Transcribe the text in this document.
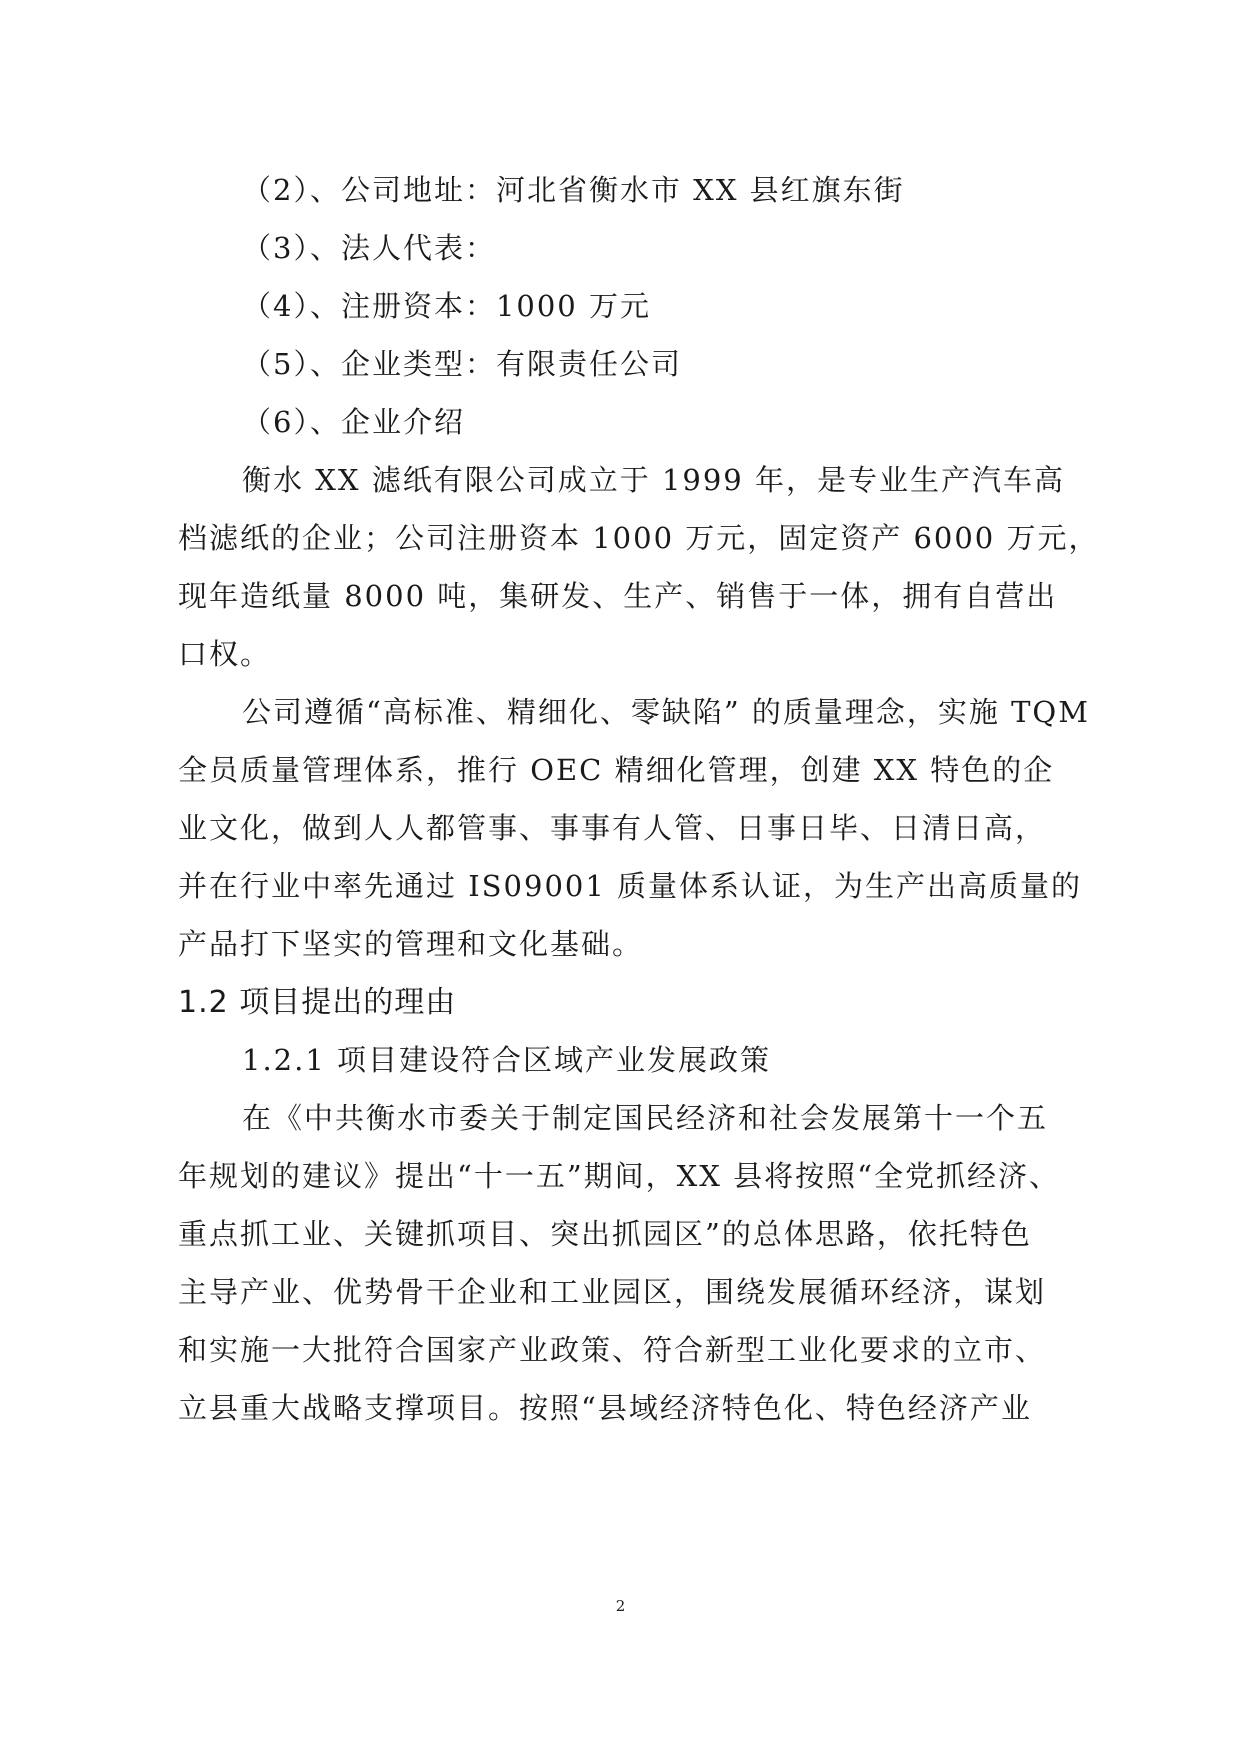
（2）、公司地址：河北省衡水市 XX 县红旗东街
（3）、法人代表：
（4）、注册资本：1000 万元
（5）、企业类型：有限责任公司
（6）、企业介绍
衡水 XX 滤纸有限公司成立于 1999 年，是专业生产汽车高
档滤纸的企业；公司注册资本 1000 万元，固定资产 6000 万元，
现年造纸量 8000 吨，集研发、生产、销售于一体，拥有自营出
口权。
公司遵循“高标准、精细化、零缺陷” 的质量理念，实施 TQM
全员质量管理体系，推行 OEC 精细化管理，创建 XX 特色的企
业文化，做到人人都管事、事事有人管、日事日毕、日清日高，
并在行业中率先通过 IS09001 质量体系认证，为生产出高质量的
产品打下坚实的管理和文化基础。
1.2 项目提出的理由
1.2.1 项目建设符合区域产业发展政策
在《中共衡水市委关于制定国民经济和社会发展第十一个五
年规划的建议》提出“十一五”期间，XX 县将按照“全党抓经济、
重点抓工业、关键抓项目、突出抓园区”的总体思路，依托特色
主导产业、优势骨干企业和工业园区，围绕发展循环经济，谋划
和实施一大批符合国家产业政策、符合新型工业化要求的立市、
立县重大战略支撑项目。按照“县域经济特色化、特色经济产业
2
